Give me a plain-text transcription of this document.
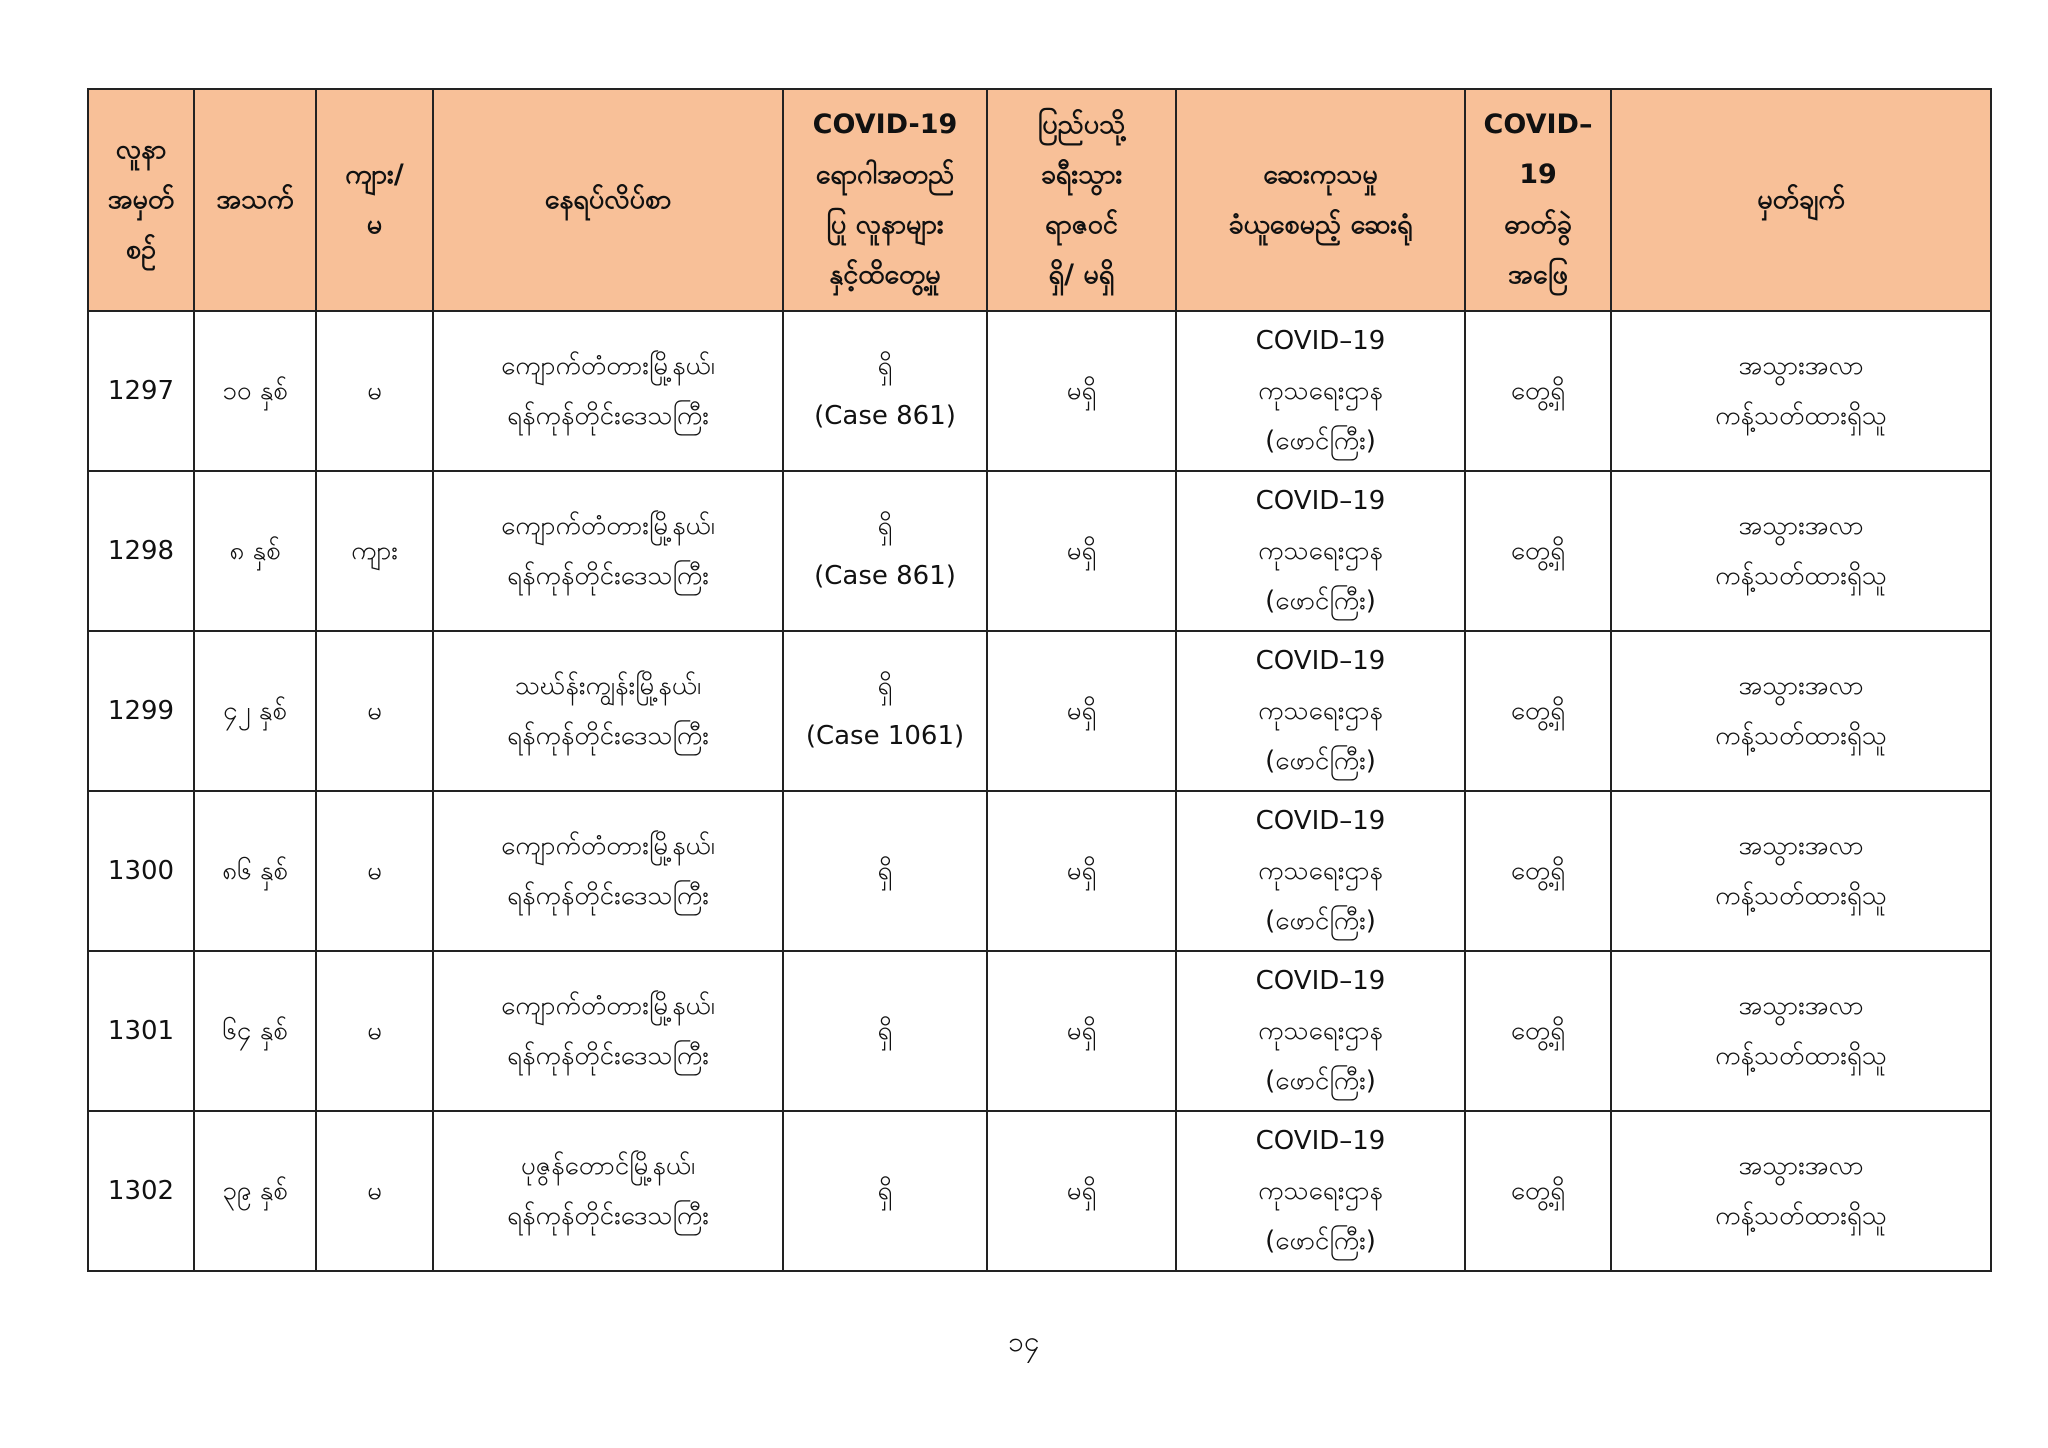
လူနာ
အမှတ်
စဉ်	အသက်	ကျား/
မ	နေရပ်လိပ်စာ	COVID-19
ရောဂါအတည်
ပြု လူနာများ
နှင့်ထိတွေ့မှု	ပြည်ပသို့
ခရီးသွား
ရာဇဝင်
ရှိ/ မရှိ	ဆေးကုသမှု
ခံယူစေမည့် ဆေးရုံ	COVID–
19
ဓာတ်ခွဲ
အဖြေ	မှတ်ချက်
1297	၁၀ နှစ်	မ	ကျောက်တံတားမြို့နယ်၊
ရန်ကုန်တိုင်းဒေသကြီး	ရှိ
(Case 861)	မရှိ	COVID–19
ကုသရေးဌာန
(ဖောင်ကြီး)	တွေ့ရှိ	အသွားအလာ
ကန့်သတ်ထားရှိသူ
1298	၈ နှစ်	ကျား	ကျောက်တံတားမြို့နယ်၊
ရန်ကုန်တိုင်းဒေသကြီး	ရှိ
(Case 861)	မရှိ	COVID–19
ကုသရေးဌာန
(ဖောင်ကြီး)	တွေ့ရှိ	အသွားအလာ
ကန့်သတ်ထားရှိသူ
1299	၄၂ နှစ်	မ	သဃ်န်းကျွန်းမြို့နယ်၊
ရန်ကုန်တိုင်းဒေသကြီး	ရှိ
(Case 1061)	မရှိ	COVID–19
ကုသရေးဌာန
(ဖောင်ကြီး)	တွေ့ရှိ	အသွားအလာ
ကန့်သတ်ထားရှိသူ
1300	၈၆ နှစ်	မ	ကျောက်တံတားမြို့နယ်၊
ရန်ကုန်တိုင်းဒေသကြီး	ရှိ	မရှိ	COVID–19
ကုသရေးဌာန
(ဖောင်ကြီး)	တွေ့ရှိ	အသွားအလာ
ကန့်သတ်ထားရှိသူ
1301	၆၄ နှစ်	မ	ကျောက်တံတားမြို့နယ်၊
ရန်ကုန်တိုင်းဒေသကြီး	ရှိ	မရှိ	COVID–19
ကုသရေးဌာန
(ဖောင်ကြီး)	တွေ့ရှိ	အသွားအလာ
ကန့်သတ်ထားရှိသူ
1302	၃၉ နှစ်	မ	ပုဇွန်တောင်မြို့နယ်၊
ရန်ကုန်တိုင်းဒေသကြီး	ရှိ	မရှိ	COVID–19
ကုသရေးဌာန
(ဖောင်ကြီး)	တွေ့ရှိ	အသွားအလာ
ကန့်သတ်ထားရှိသူ
၁၄
